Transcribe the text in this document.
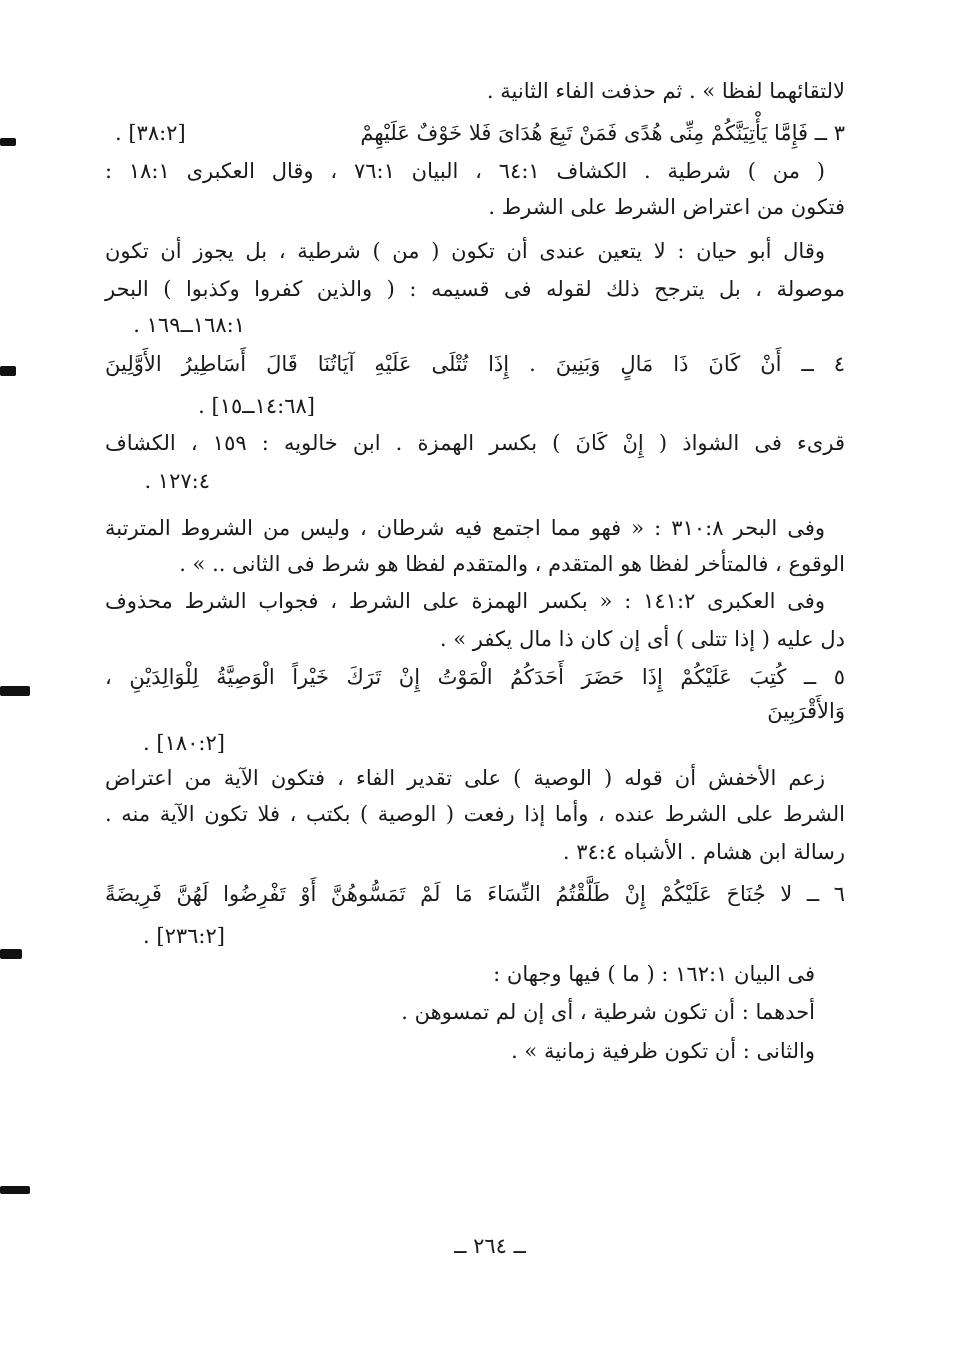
لالتقائهما لفظا » . ثم حذفت الفاء الثانية .
٣ ــ فَإِمَّا يَأْتِيَنَّكُمْ مِنِّى هُدًى فَمَنْ تَبِعَ هُدَاىَ فَلا خَوْفٌ عَلَيْهِمْ
[٣٨:٢] .
( من ) شرطية . الكشاف ٦٤:١ ، البيان ٧٦:١ ، وقال العكبرى ١٨:١ :
فتكون من اعتراض الشرط على الشرط .
وقال أبو حيان : لا يتعين عندى أن تكون ( من ) شرطية ، بل يجوز أن تكون
موصولة ، بل يترجح ذلك لقوله فى قسيمه : ( والذين كفروا وكذبوا ) البحر
١٦٨:١ــ١٦٩ .
٤ ــ أَنْ كَانَ ذَا مَالٍ وَبَنِينَ . إِذَا تُتْلَى عَلَيْهِ آيَاتُنَا قَالَ أَسَاطِيرُ الأَوَّلِينَ
[١٤:٦٨ــ١٥] .
قرىء فى الشواذ ( إِنْ كَانَ ) بكسر الهمزة . ابن خالويه : ١٥٩ ، الكشاف
١٢٧:٤ .
وفى البحر ٣١٠:٨ : « فهو مما اجتمع فيه شرطان ، وليس من الشروط المترتبة
الوقوع ، فالمتأخر لفظا هو المتقدم ، والمتقدم لفظا هو شرط فى الثانى .. » .
وفى العكبرى ١٤١:٢ : « بكسر الهمزة على الشرط ، فجواب الشرط محذوف
دل عليه ( إذا تتلى ) أى إن كان ذا مال يكفر » .
٥ ــ كُتِبَ عَلَيْكُمْ إِذَا حَضَرَ أَحَدَكُمُ الْمَوْتُ إِنْ تَرَكَ خَيْراً الْوَصِيَّةُ لِلْوَالِدَيْنِ ،
وَالأَقْرَبِينَ
[١٨٠:٢] .
زعم الأخفش أن قوله ( الوصية ) على تقدير الفاء ، فتكون الآية من اعتراض
الشرط على الشرط عنده ، وأما إذا رفعت ( الوصية ) بكتب ، فلا تكون الآية منه .
رسالة ابن هشام . الأشباه ٣٤:٤ .
٦ ــ لا جُنَاحَ عَلَيْكُمْ إِنْ طَلَّقْتُمُ النِّسَاءَ مَا لَمْ تَمَسُّوهُنَّ أَوْ تَفْرِضُوا لَهُنَّ فَرِيضَةً
[٢٣٦:٢] .
فى البيان ١٦٢:١ : ( ما ) فيها وجهان :
أحدهما : أن تكون شرطية ، أى إن لم تمسوهن .
والثانى : أن تكون ظرفية زمانية » .
ــ ٢٦٤ ــ
